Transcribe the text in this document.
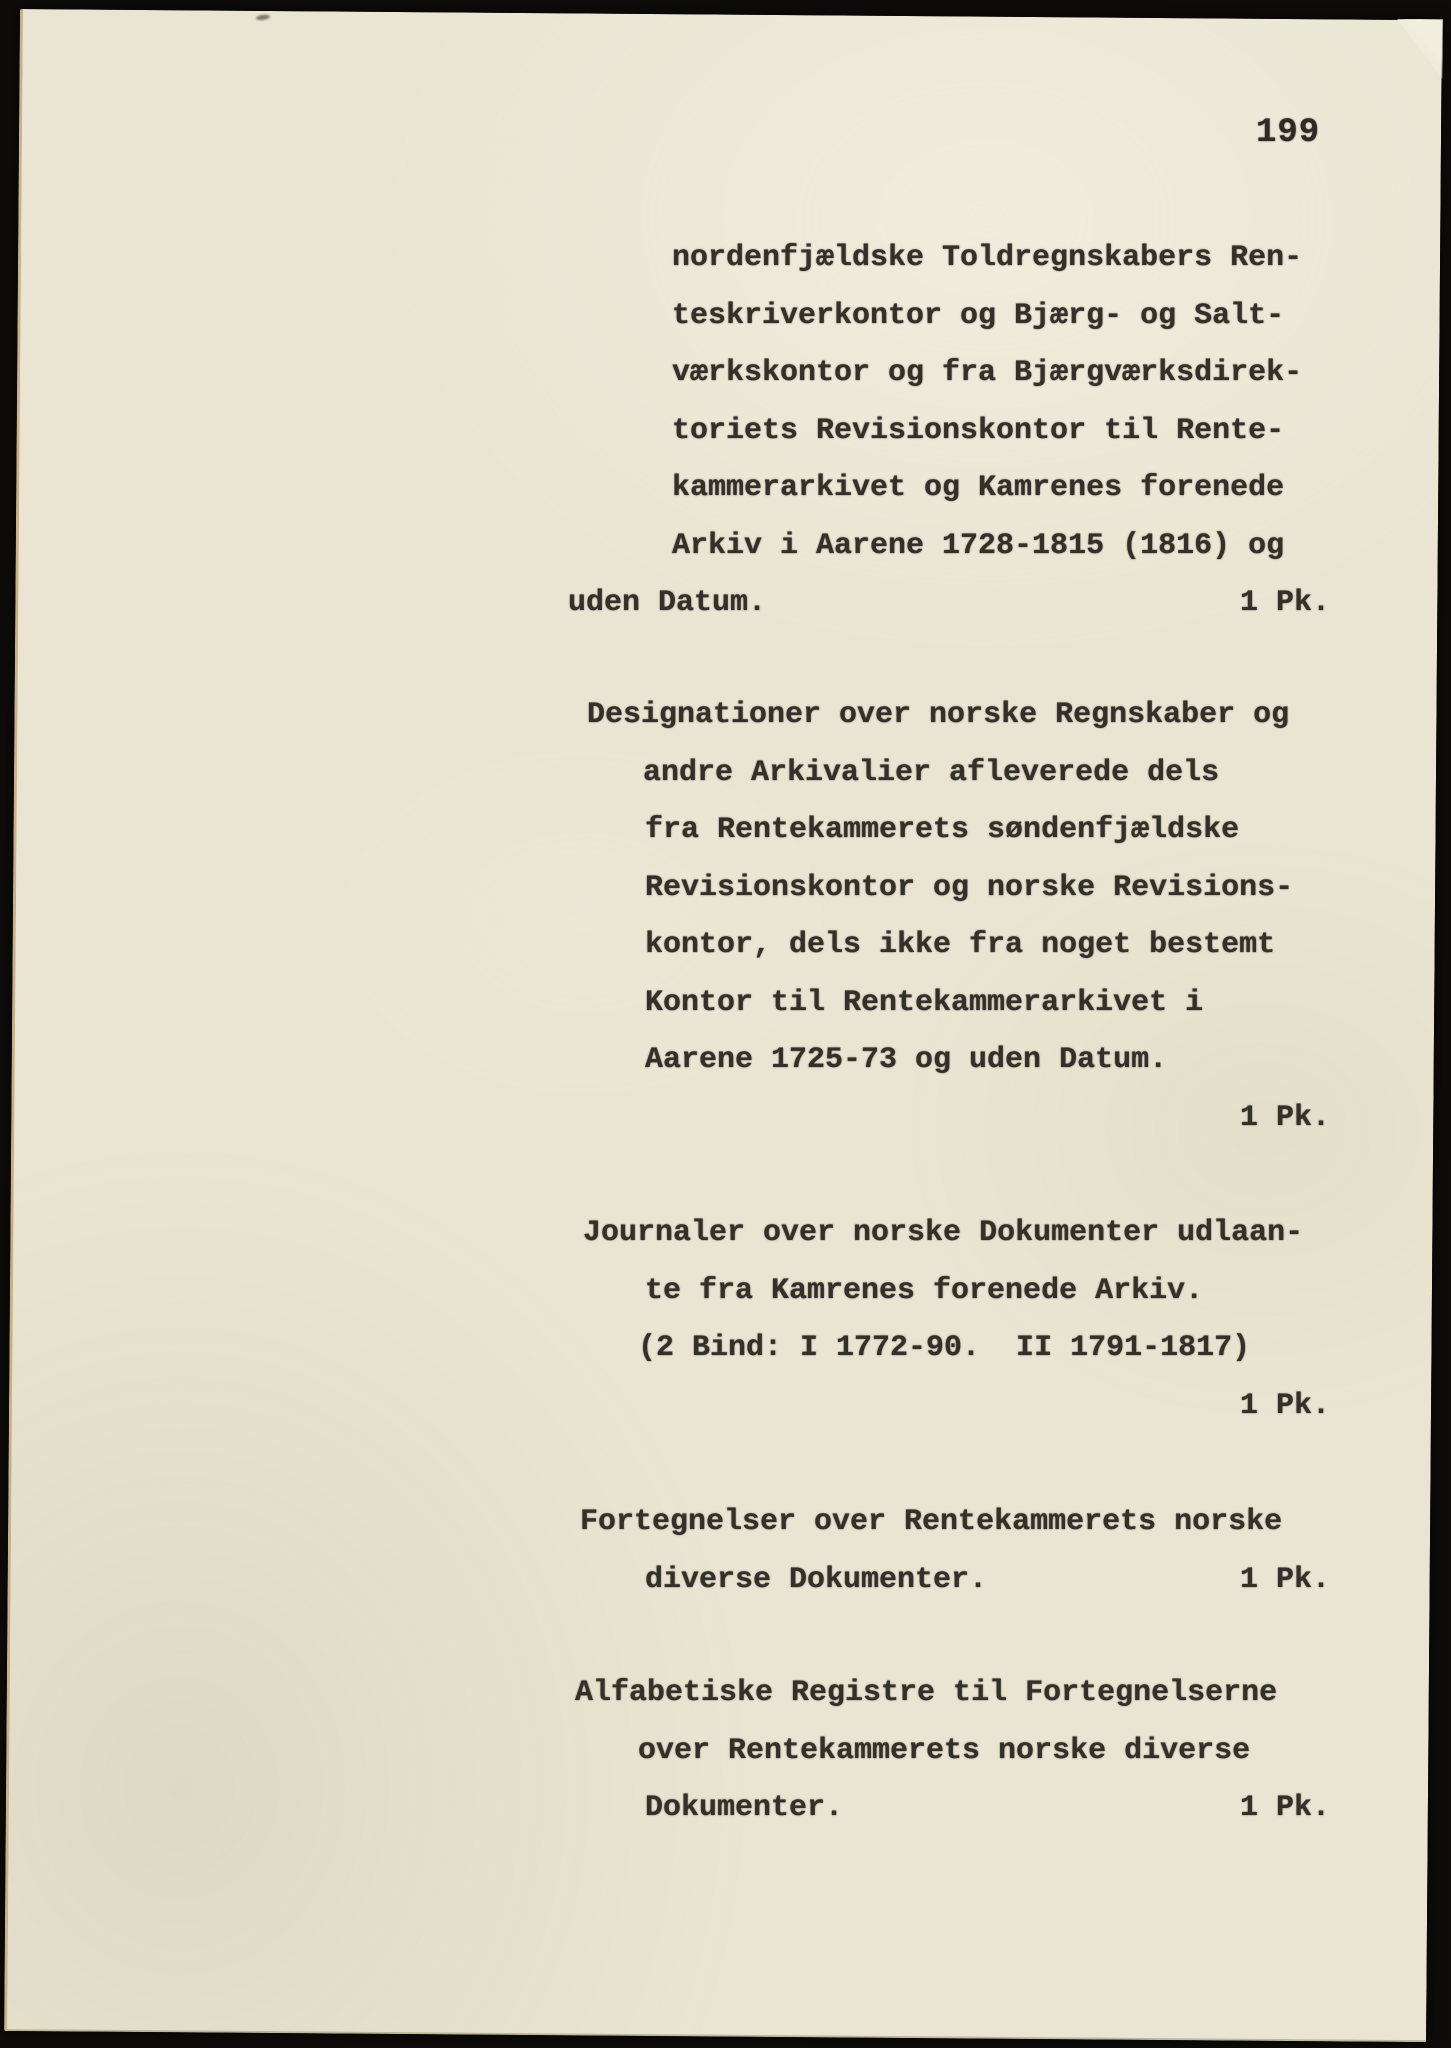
199
nordenfjældske Toldregnskabers Ren-
teskriverkontor og Bjærg- og Salt-
værkskontor og fra Bjærgværksdirek-
toriets Revisionskontor til Rente-
kammerarkivet og Kamrenes forenede
Arkiv i Aarene 1728-1815 (1816) og
uden Datum.	1 Pk.
Designationer over norske Regnskaber og
andre Arkivalier afleverede dels
fra Rentekammerets søndenfjældske
Revisionskontor og norske Revisions-
kontor, dels ikke fra noget bestemt
Kontor til Rentekammerarkivet i
Aarene 1725-73 og uden Datum.
1 Pk.
Journaler over norske Dokumenter udlaan-
te fra Kamrenes forenede Arkiv.
(2 Bind: I 1772-90.  II 1791-1817)
1 Pk.
Fortegnelser over Rentekammerets norske
diverse Dokumenter.	1 Pk.
Alfabetiske Registre til Fortegnelserne
over Rentekammerets norske diverse
Dokumenter.	1 Pk.
